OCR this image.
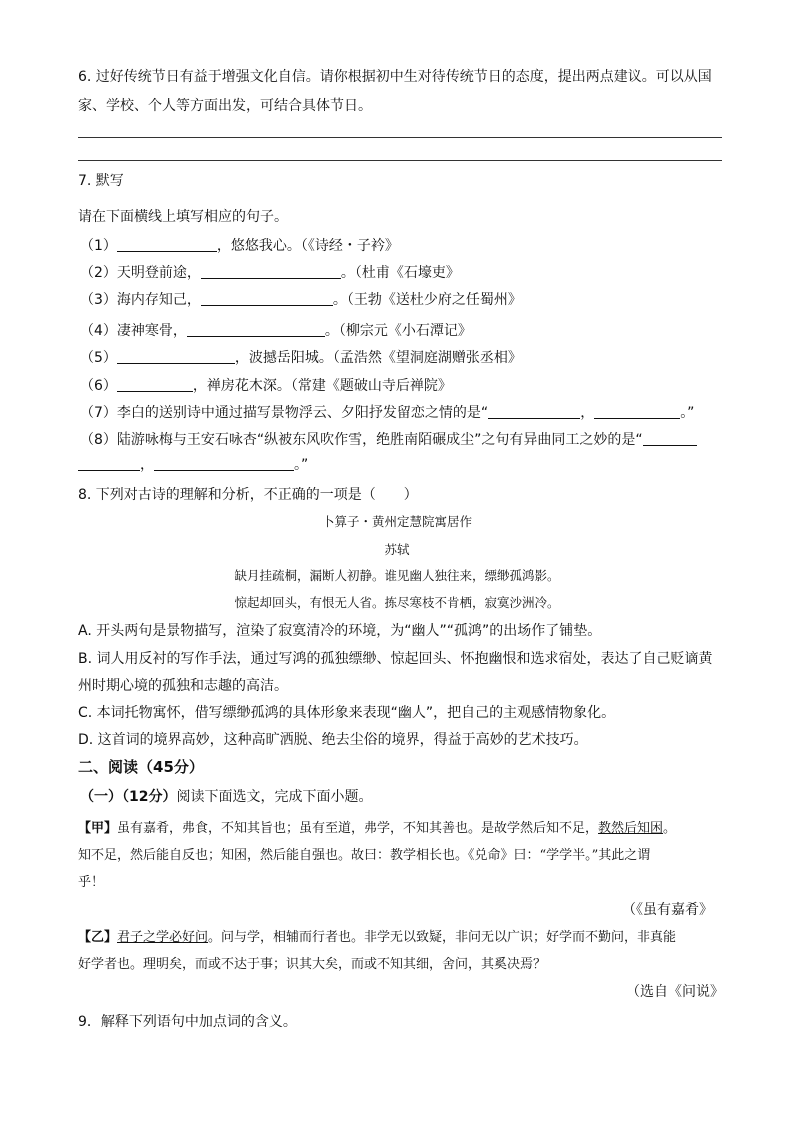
6. 过好传统节日有益于增强文化自信。请你根据初中生对待传统节日的态度，提出两点建议。可以从国
家、学校、个人等方面出发，可结合具体节日。
7. 默写
请在下面横线上填写相应的句子。
（1）	，悠悠我心。（《诗经・子衿》
（2）天明登前途，	。（杜甫《石壕吏》
（3）海内存知己，	。（王勃《送杜少府之任蜀州》
（4）凄神寒骨，	。（柳宗元《小石潭记》
（5）	，波撼岳阳城。（孟浩然《望洞庭湖赠张丞相》
（6）	，禅房花木深。（常建《题破山寺后禅院》
（7）李白的送别诗中通过描写景物浮云、夕阳抒发留恋之情的是“	，	。”
（8）陆游咏梅与王安石咏杏“纵被东风吹作雪，绝胜南陌碾成尘”之句有异曲同工之妙的是“
，	。”
8. 下列对古诗的理解和分析，不正确的一项是（　　）
卜算子・黄州定慧院寓居作
苏轼
缺月挂疏桐，漏断人初静。谁见幽人独往来，缥缈孤鸿影。
惊起却回头，有恨无人省。拣尽寒枝不肯栖，寂寞沙洲冷。
A. 开头两句是景物描写，渲染了寂寞清冷的环境，为“幽人”“孤鸿”的出场作了铺垫。
B. 词人用反衬的写作手法，通过写鸿的孤独缥缈、惊起回头、怀抱幽恨和选求宿处，表达了自己贬谪黄
州时期心境的孤独和志趣的高洁。
C. 本词托物寓怀，借写缥缈孤鸿的具体形象来表现“幽人”，把自己的主观感情物象化。
D. 这首词的境界高妙，这种高旷洒脱、绝去尘俗的境界，得益于高妙的艺术技巧。
二、阅读（45分）
（一）（12分）阅读下面选文，完成下面小题。
【甲】虽有嘉肴，弗食，不知其旨也；虽有至道，弗学，不知其善也。是故学然后知不足，教然后知困。
知不足，然后能自反也；知困，然后能自强也。故曰：教学相长也。《兑命》曰：“学学半。”其此之谓
乎！
（《虽有嘉肴》
【乙】君子之学必好问。问与学，相辅而行者也。非学无以致疑，非问无以广识；好学而不勤问，非真能
好学者也。理明矣，而或不达于事；识其大矣，而或不知其细，舍问，其奚决焉？
（选自《问说》
9．解释下列语句中加点词的含义。
